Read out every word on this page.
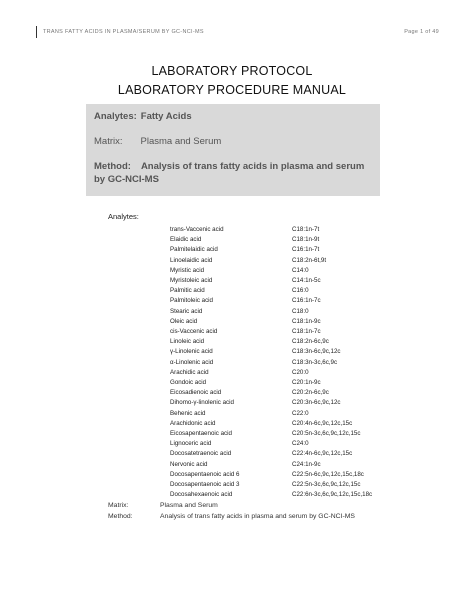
TRANS FATTY ACIDS IN PLASMA/SERUM BY GC-NCI-MS	Page 1 of 49
LABORATORY PROTOCOL
LABORATORY PROCEDURE MANUAL
Analytes: Fatty Acids
Matrix: Plasma and Serum
Method: Analysis of trans fatty acids in plasma and serum by GC-NCI-MS
Analytes:
trans-Vaccenic acid	C18:1n-7t
Elaidic acid	C18:1n-9t
Palmitelaidic acid	C16:1n-7t
Linoelaidic acid	C18:2n-6t,9t
Myristic acid	C14:0
Myristoleic acid	C14:1n-5c
Palmitic acid	C16:0
Palmitoleic acid	C16:1n-7c
Stearic acid	C18:0
Oleic acid	C18:1n-9c
cis-Vaccenic acid	C18:1n-7c
Linoleic acid	C18:2n-6c,9c
γ-Linolenic acid	C18:3n-6c,9c,12c
α-Linolenic acid	C18:3n-3c,6c,9c
Arachidic acid	C20:0
Gondoic acid	C20:1n-9c
Eicosadienoic acid	C20:2n-6c,9c
Dihomo-γ-linolenic acid	C20:3n-6c,9c,12c
Behenic acid	C22:0
Arachidonic acid	C20:4n-6c,9c,12c,15c
Eicosapentaenoic acid	C20:5n-3c,6c,9c,12c,15c
Lignoceric acid	C24:0
Docosatetraenoic acid	C22:4n-6c,9c,12c,15c
Nervonic acid	C24:1n-9c
Docosapentaenoic acid 6	C22:5n-6c,9c,12c,15c,18c
Docosapentaenoic acid 3	C22:5n-3c,6c,9c,12c,15c
Docosahexaenoic acid	C22:6n-3c,6c,9c,12c,15c,18c
Matrix:	Plasma and Serum
Method:	Analysis of trans fatty acids in plasma and serum by GC-NCI-MS
